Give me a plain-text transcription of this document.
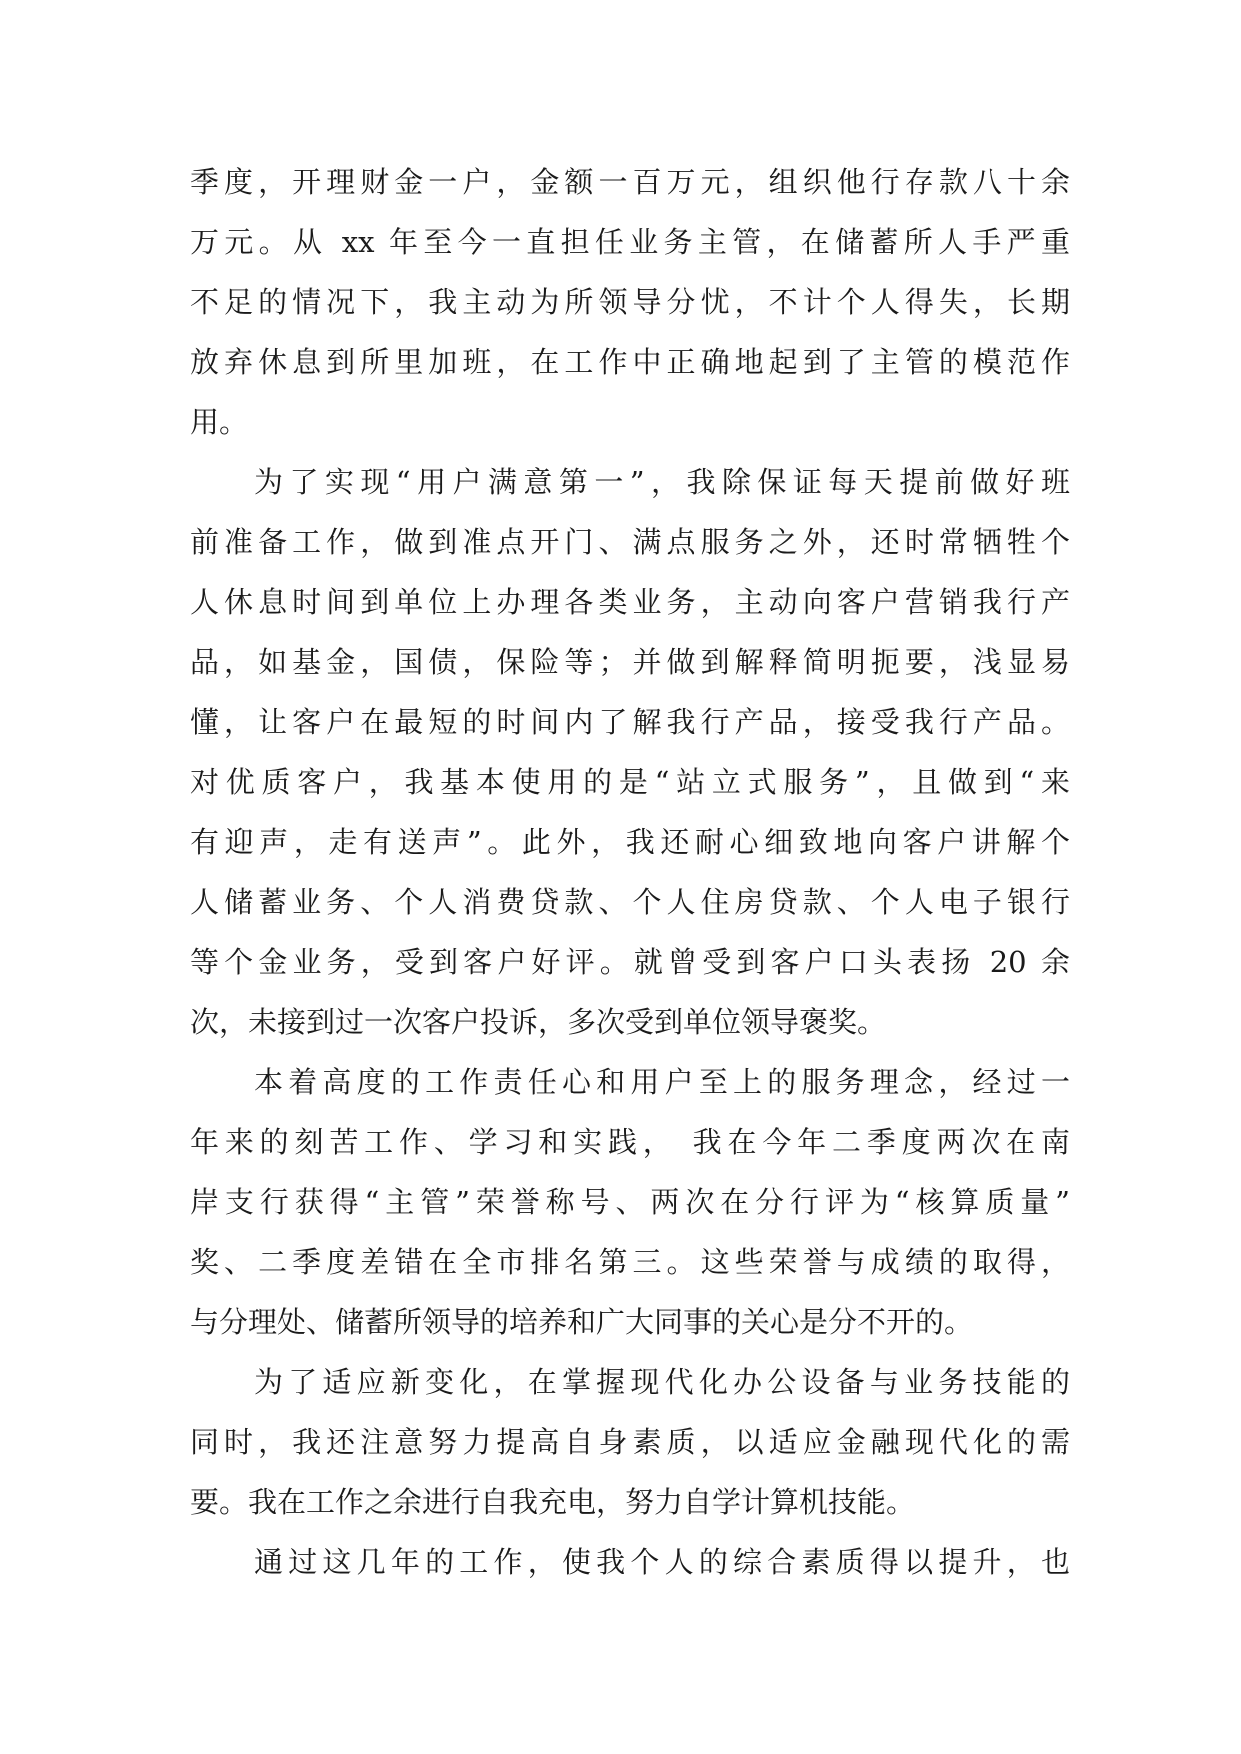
季度，开理财金一户，金额一百万元，组织他行存款八十余
万元。从 xx 年至今一直担任业务主管，在储蓄所人手严重
不足的情况下，我主动为所领导分忧，不计个人得失，长期
放弃休息到所里加班，在工作中正确地起到了主管的模范作
用。
为了实现“用户满意第一”，我除保证每天提前做好班
前准备工作，做到准点开门、满点服务之外，还时常牺牲个
人休息时间到单位上办理各类业务，主动向客户营销我行产
品，如基金，国债，保险等；并做到解释简明扼要，浅显易
懂，让客户在最短的时间内了解我行产品，接受我行产品。
对优质客户，我基本使用的是“站立式服务”，且做到“来
有迎声，走有送声”。此外，我还耐心细致地向客户讲解个
人储蓄业务、个人消费贷款、个人住房贷款、个人电子银行
等个金业务，受到客户好评。就曾受到客户口头表扬 20 余
次，未接到过一次客户投诉，多次受到单位领导褒奖。
本着高度的工作责任心和用户至上的服务理念，经过一
年来的刻苦工作、学习和实践， 我在今年二季度两次在南
岸支行获得“主管”荣誉称号、两次在分行评为“核算质量”
奖、二季度差错在全市排名第三。这些荣誉与成绩的取得，
与分理处、储蓄所领导的培养和广大同事的关心是分不开的。
为了适应新变化，在掌握现代化办公设备与业务技能的
同时，我还注意努力提高自身素质，以适应金融现代化的需
要。我在工作之余进行自我充电，努力自学计算机技能。
通过这几年的工作，使我个人的综合素质得以提升，也
